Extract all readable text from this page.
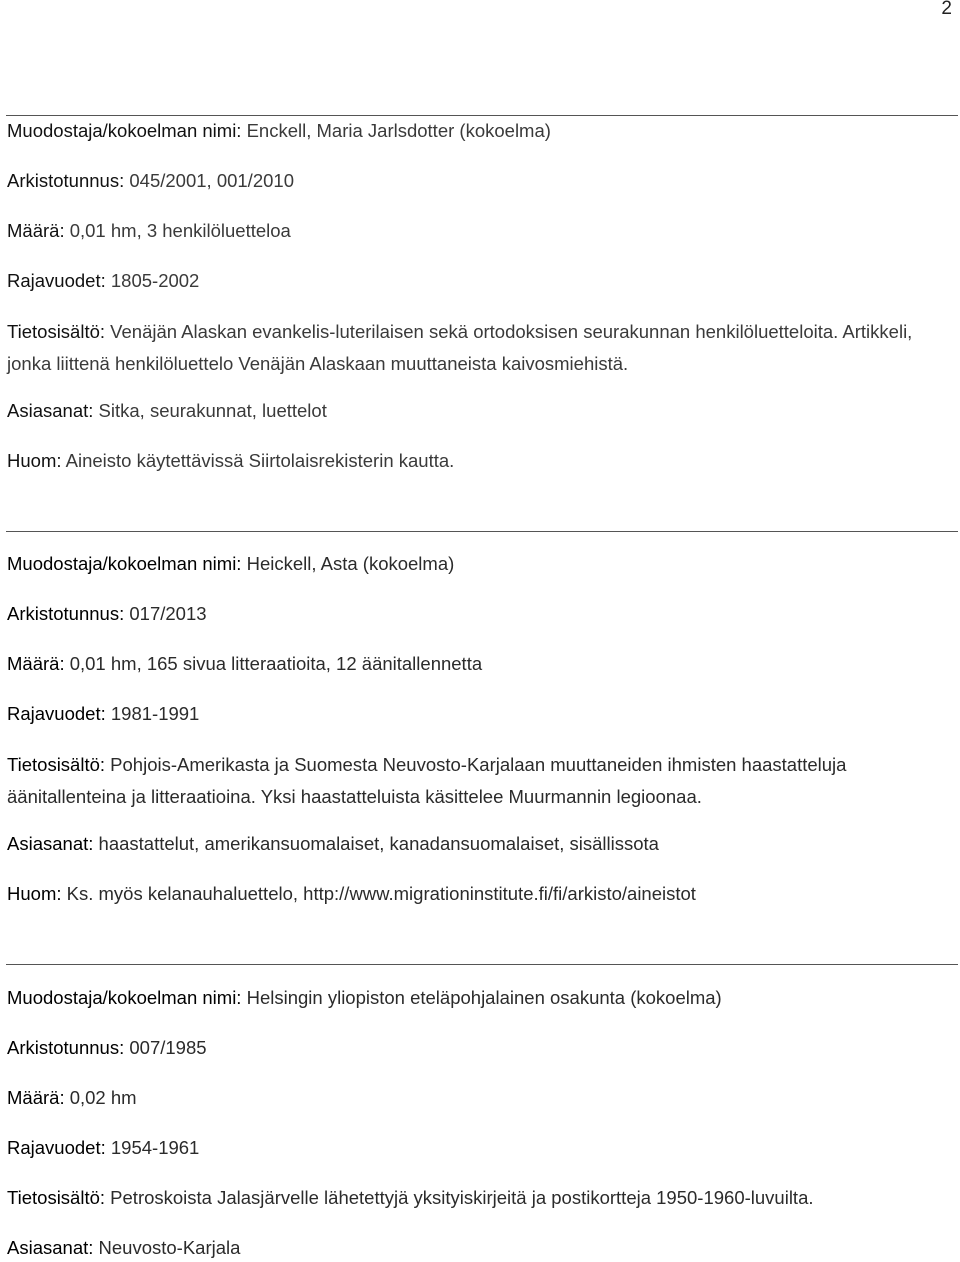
2

Muodostaja/kokoelman nimi: Enckell, Maria Jarlsdotter (kokoelma)

Arkistotunnus: 045/2001, 001/2010

Määrä: 0,01 hm, 3 henkilöluetteloa

Rajavuodet: 1805-2002

Tietosisältö: Venäjän Alaskan evankelis-luterilaisen sekä ortodoksisen seurakunnan henkilöluetteloita. Artikkeli, jonka liittenä henkilöluettelo Venäjän Alaskaan muuttaneista kaivosmiehistä.

Asiasanat: Sitka, seurakunnat, luettelot

Huom: Aineisto käytettävissä Siirtolaisrekisterin kautta.

Muodostaja/kokoelman nimi: Heickell, Asta (kokoelma)

Arkistotunnus: 017/2013

Määrä: 0,01 hm, 165 sivua litteraatioita, 12 äänitallennetta

Rajavuodet: 1981-1991

Tietosisältö: Pohjois-Amerikasta ja Suomesta Neuvosto-Karjalaan muuttaneiden ihmisten haastatteluja äänitallenteina ja litteraatioina. Yksi haastatteluista käsittelee Muurmannin legioonaa.

Asiasanat: haastattelut, amerikansuomalaiset, kanadansuomalaiset, sisällissota

Huom: Ks. myös kelanauhaluettelo, http://www.migrationinstitute.fi/fi/arkisto/aineistot

Muodostaja/kokoelman nimi: Helsingin yliopiston eteläpohjalainen osakunta (kokoelma)

Arkistotunnus: 007/1985

Määrä: 0,02 hm

Rajavuodet: 1954-1961

Tietosisältö: Petroskoista Jalasjärvelle lähetettyjä yksityiskirjeitä ja postikortteja 1950-1960-luvuilta.

Asiasanat: Neuvosto-Karjala
